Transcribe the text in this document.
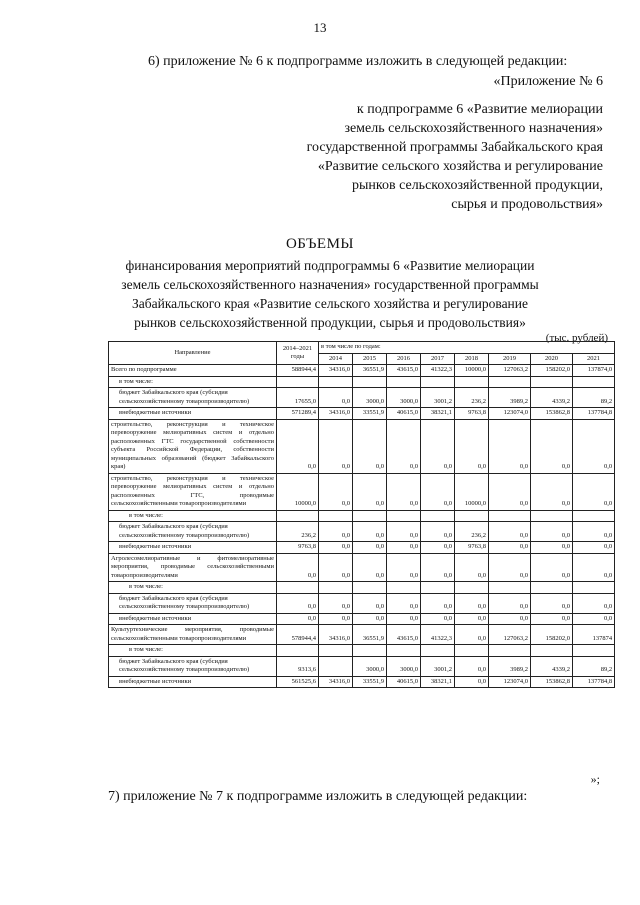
13
6) приложение № 6 к подпрограмме изложить в следующей редакции:
«Приложение № 6
к подпрограмме 6 «Развитие мелиорации
земель сельскохозяйственного назначения»
государственной программы Забайкальского края
«Развитие сельского хозяйства и регулирование
рынков сельскохозяйственной продукции,
сырья и продовольствия»
ОБЪЕМЫ
финансирования мероприятий подпрограммы 6 «Развитие мелиорации
земель сельскохозяйственного назначения» государственной программы
Забайкальского края «Развитие сельского хозяйства и регулирование
рынков сельскохозяйственной продукции, сырья и продовольствия»
(тыс. рублей)
Направление	2014–2021 годы	в том числе по годам:							
		2014	2015	2016	2017	2018	2019	2020	2021
Всего по подпрограмме	588944,4	34316,0	36551,9	43615,0	41322,3	10000,0	127063,2	158202,0	137874,0
в том числе:									
бюджет Забайкальского края (субсидия сельскохозяйственному товаропроизводителю)	17655,0	0,0	3000,0	3000,0	3001,2	236,2	3989,2	4339,2	89,2
внебюджетные источники	571289,4	34316,0	33551,9	40615,0	38321,1	9763,8	123074,0	153862,8	137784,8
строительство, реконструкция и техническое перевооружение мелиоративных систем и отдельно расположенных ГТС государственной собственности субъекта Российской Федерации, собственности муниципальных образований (бюджет Забайкальского края)	0,0	0,0	0,0	0,0	0,0	0,0	0,0	0,0	0,0
строительство, реконструкция и техническое перевооружение мелиоративных систем и отдельно расположенных ГТС, проводимые сельскохозяйственными товаропроизводителями	10000,0	0,0	0,0	0,0	0,0	10000,0	0,0	0,0	0,0
в том числе:									
бюджет Забайкальского края (субсидия сельскохозяйственному товаропроизводителю)	236,2	0,0	0,0	0,0	0,0	236,2	0,0	0,0	0,0
внебюджетные источники	9763,8	0,0	0,0	0,0	0,0	9763,8	0,0	0,0	0,0
Агролесомелиоративные и фитомелиоративные мероприятия, проводимые сельскохозяйственными товаропроизводителями	0,0	0,0	0,0	0,0	0,0	0,0	0,0	0,0	0,0
в том числе:									
бюджет Забайкальского края (субсидия сельскохозяйственному товаропроизводителю)	0,0	0,0	0,0	0,0	0,0	0,0	0,0	0,0	0,0
внебюджетные источники	0,0	0,0	0,0	0,0	0,0	0,0	0,0	0,0	0,0
Культуртехнические мероприятия, проводимые сельскохозяйственными товаропроизводителями	578944,4	34316,0	36551,9	43615,0	41322,3	0,0	127063,2	158202,0	137874
в том числе:									
бюджет Забайкальского края (субсидия сельскохозяйственному товаропроизводителю)	9313,6		3000,0	3000,0	3001,2	0,0	3989,2	4339,2	89,2
внебюджетные источники	561525,6	34316,0	33551,9	40615,0	38321,1	0,0	123074,0	153862,8	137784,8
»;
7) приложение № 7 к подпрограмме изложить в следующей редакции:
